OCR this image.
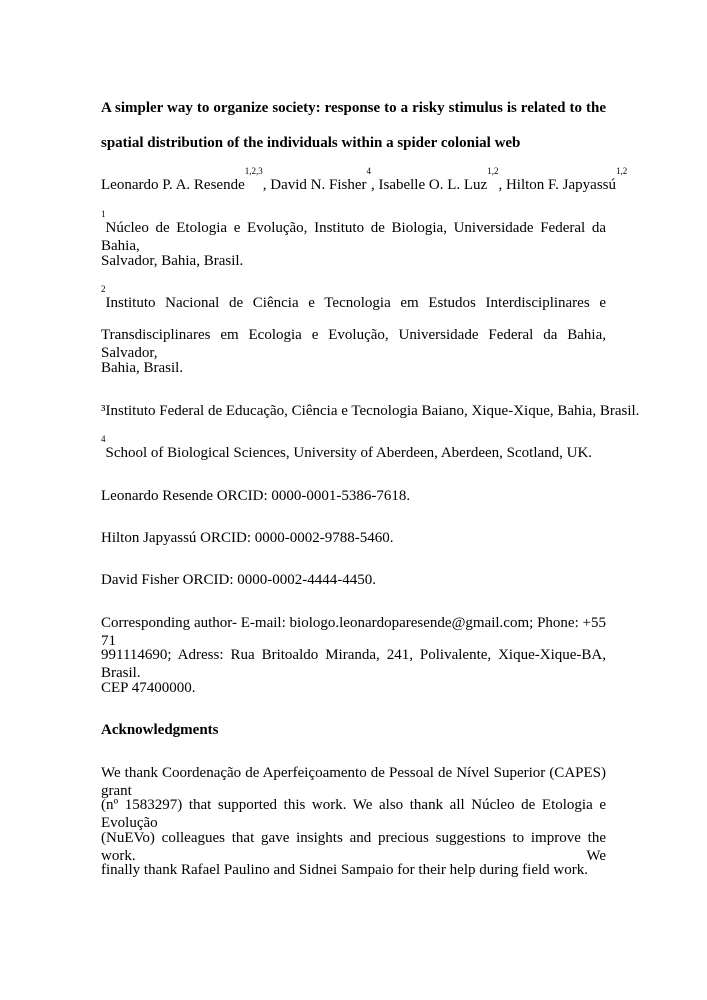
A simpler way to organize society: response to a risky stimulus is related to the
spatial distribution of the individuals within a spider colonial web
Leonardo P. A. Resende$^{1,2,3}$, David N. Fisher$^4$, Isabelle O. L. Luz$^{1,2}$, Hilton F. Japyassú$^{1,2}$
$^1$Núcleo de Etologia e Evolução, Instituto de Biologia, Universidade Federal da Bahia,
Salvador, Bahia, Brasil.
$^2$Instituto Nacional de Ciência e Tecnologia em Estudos Interdisciplinares e
Transdisciplinares em Ecologia e Evolução, Universidade Federal da Bahia, Salvador,
Bahia, Brasil.
³Instituto Federal de Educação, Ciência e Tecnologia Baiano, Xique-Xique, Bahia, Brasil.
$^4$School of Biological Sciences, University of Aberdeen, Aberdeen, Scotland, UK.
Leonardo Resende ORCID: 0000-0001-5386-7618.
Hilton Japyassú ORCID: 0000-0002-9788-5460.
David Fisher ORCID: 0000-0002-4444-4450.
Corresponding author- E-mail: biologo.leonardoparesende@gmail.com; Phone: +55 71
991114690; Adress: Rua Britoaldo Miranda, 241, Polivalente, Xique-Xique-BA, Brasil.
CEP 47400000.
Acknowledgments
We thank Coordenação de Aperfeiçoamento de Pessoal de Nível Superior (CAPES) grant
(nº 1583297) that supported this work. We also thank all Núcleo de Etologia e Evolução
(NuEVo) colleagues that gave insights and precious suggestions to improve the work. We
finally thank Rafael Paulino and Sidnei Sampaio for their help during field work.
